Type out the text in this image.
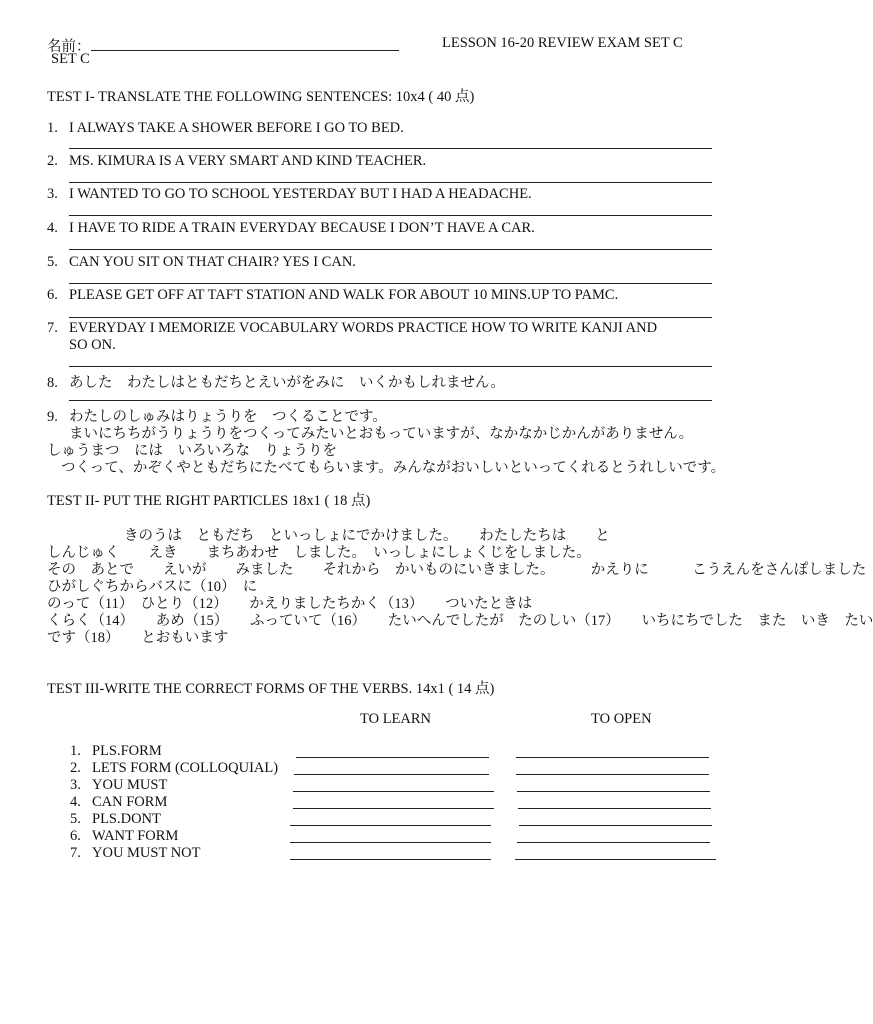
名前：	LESSON 16-20 REVIEW EXAM SET C
SET C
TEST I- TRANSLATE THE FOLLOWING SENTENCES: 10x4 ( 40 点)
1. I ALWAYS TAKE A SHOWER BEFORE I GO TO BED.
2. MS. KIMURA IS A VERY SMART AND KIND TEACHER.
3. I WANTED TO GO TO SCHOOL YESTERDAY BUT I HAD A HEADACHE.
4. I HAVE TO RIDE A TRAIN EVERYDAY BECAUSE I DON’T HAVE A CAR.
5. CAN YOU SIT ON THAT CHAIR? YES I CAN.
6. PLEASE GET OFF AT TAFT STATION AND WALK FOR ABOUT 10 MINS.UP TO PAMC.
7. EVERYDAY I MEMORIZE VOCABULARY WORDS PRACTICE HOW TO WRITE KANJI AND
SO ON.
8. あした　わたしはともだちとえいがをみに　いくかもしれません。
9. わたしのしゅみはりょうりを　つくることです。
まいにちちがうりょうりをつくってみたいとおもっていますが、なかなかじかんがありません。
しゅうまつ　には　いろいろな　りょうりを
つくって、かぞくやともだちにたべてもらいます。みんながおいしいといってくれるとうれしいです。
TEST II- PUT THE RIGHT PARTICLES 18x1 ( 18 点)
きのうは　ともだち　といっしょにでかけました。　　わたしたちは　　と
しんじゅく　　えき　　まちあわせ　しました。　いっしょにしょくじをしました。
その　あとで　　えいが　　みました　　それから　かいものにいきました。　　　かえりに　　　こうえんをさんぽしました
ひがしぐちからバスに（10）　に
のって（11）　ひとり（12）　　かえりましたちかく（13）　　ついたときは
くらく（14）　　あめ（15）　　ふっていて（16）　　たいへんでしたが　たのしい（17）　　いちにちでした　また　いき　たい
です（18）　　とおもいます
TEST III-WRITE THE CORRECT FORMS OF THE VERBS. 14x1 ( 14 点)
TO LEARN	TO OPEN
1. PLS.FORM
2. LETS FORM (COLLOQUIAL)
3. YOU MUST
4. CAN FORM
5. PLS.DONT
6. WANT FORM
7. YOU MUST NOT
